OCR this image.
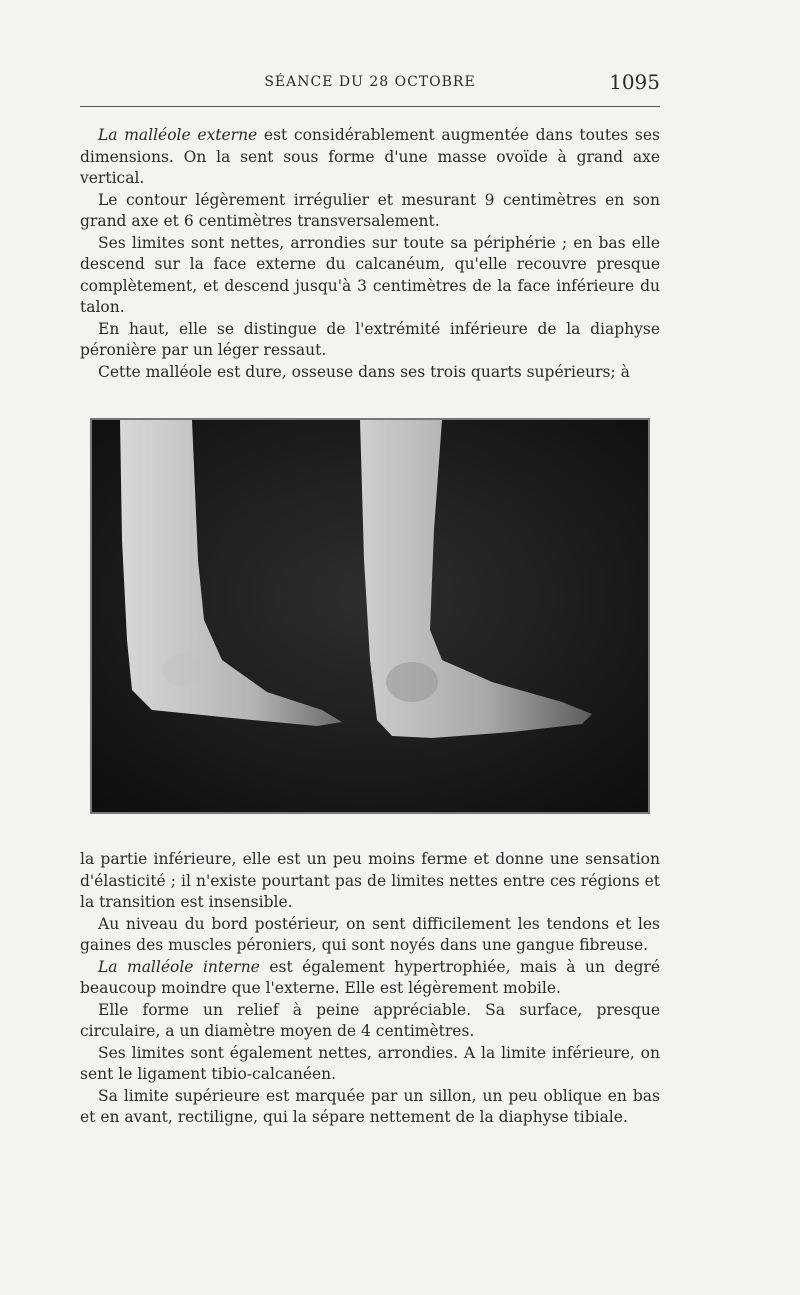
SÉANCE DU 28 OCTOBRE	1095

La malléole externe est considérablement augmentée dans toutes ses dimensions. On la sent sous forme d'une masse ovoïde à grand axe vertical.

Le contour légèrement irrégulier et mesurant 9 centimètres en son grand axe et 6 centimètres transversalement.

Ses limites sont nettes, arrondies sur toute sa périphérie ; en bas elle descend sur la face externe du calcanéum, qu'elle recouvre presque complètement, et descend jusqu'à 3 centimètres de la face inférieure du talon.

En haut, elle se distingue de l'extrémité inférieure de la diaphyse péronière par un léger ressaut.

Cette malléole est dure, osseuse dans ses trois quarts supérieurs; à

la partie inférieure, elle est un peu moins ferme et donne une sensation d'élasticité ; il n'existe pourtant pas de limites nettes entre ces régions et la transition est insensible.

Au niveau du bord postérieur, on sent difficilement les tendons et les gaines des muscles péroniers, qui sont noyés dans une gangue fibreuse.

La malléole interne est également hypertrophiée, mais à un degré beaucoup moindre que l'externe. Elle est légèrement mobile.

Elle forme un relief à peine appréciable. Sa surface, presque circulaire, a un diamètre moyen de 4 centimètres.

Ses limites sont également nettes, arrondies. A la limite inférieure, on sent le ligament tibio-calcanéen.

Sa limite supérieure est marquée par un sillon, un peu oblique en bas et en avant, rectiligne, qui la sépare nettement de la diaphyse tibiale.
